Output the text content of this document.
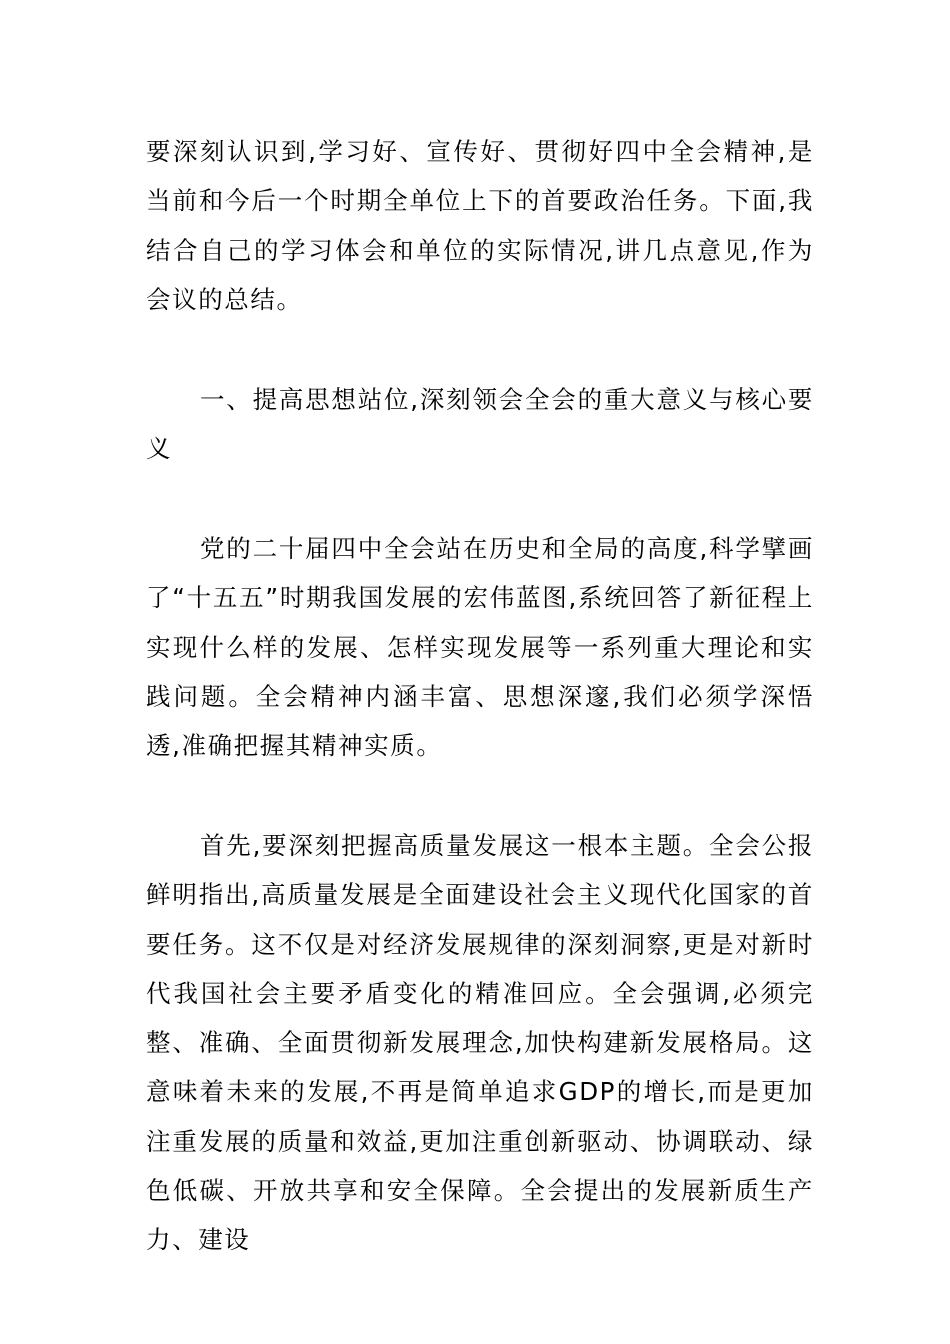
要深刻认识到,学习好、宣传好、贯彻好四中全会精神,是当前和今后一个时期全单位上下的首要政治任务。下面,我结合自己的学习体会和单位的实际情况,讲几点意见,作为会议的总结。

一、提高思想站位,深刻领会全会的重大意义与核心要义

党的二十届四中全会站在历史和全局的高度,科学擘画了“十五五”时期我国发展的宏伟蓝图,系统回答了新征程上实现什么样的发展、怎样实现发展等一系列重大理论和实践问题。全会精神内涵丰富、思想深邃,我们必须学深悟透,准确把握其精神实质。

首先,要深刻把握高质量发展这一根本主题。全会公报鲜明指出,高质量发展是全面建设社会主义现代化国家的首要任务。这不仅是对经济发展规律的深刻洞察,更是对新时代我国社会主要矛盾变化的精准回应。全会强调,必须完整、准确、全面贯彻新发展理念,加快构建新发展格局。这意味着未来的发展,不再是简单追求GDP的增长,而是更加注重发展的质量和效益,更加注重创新驱动、协调联动、绿色低碳、开放共享和安全保障。全会提出的发展新质生产力、建设
